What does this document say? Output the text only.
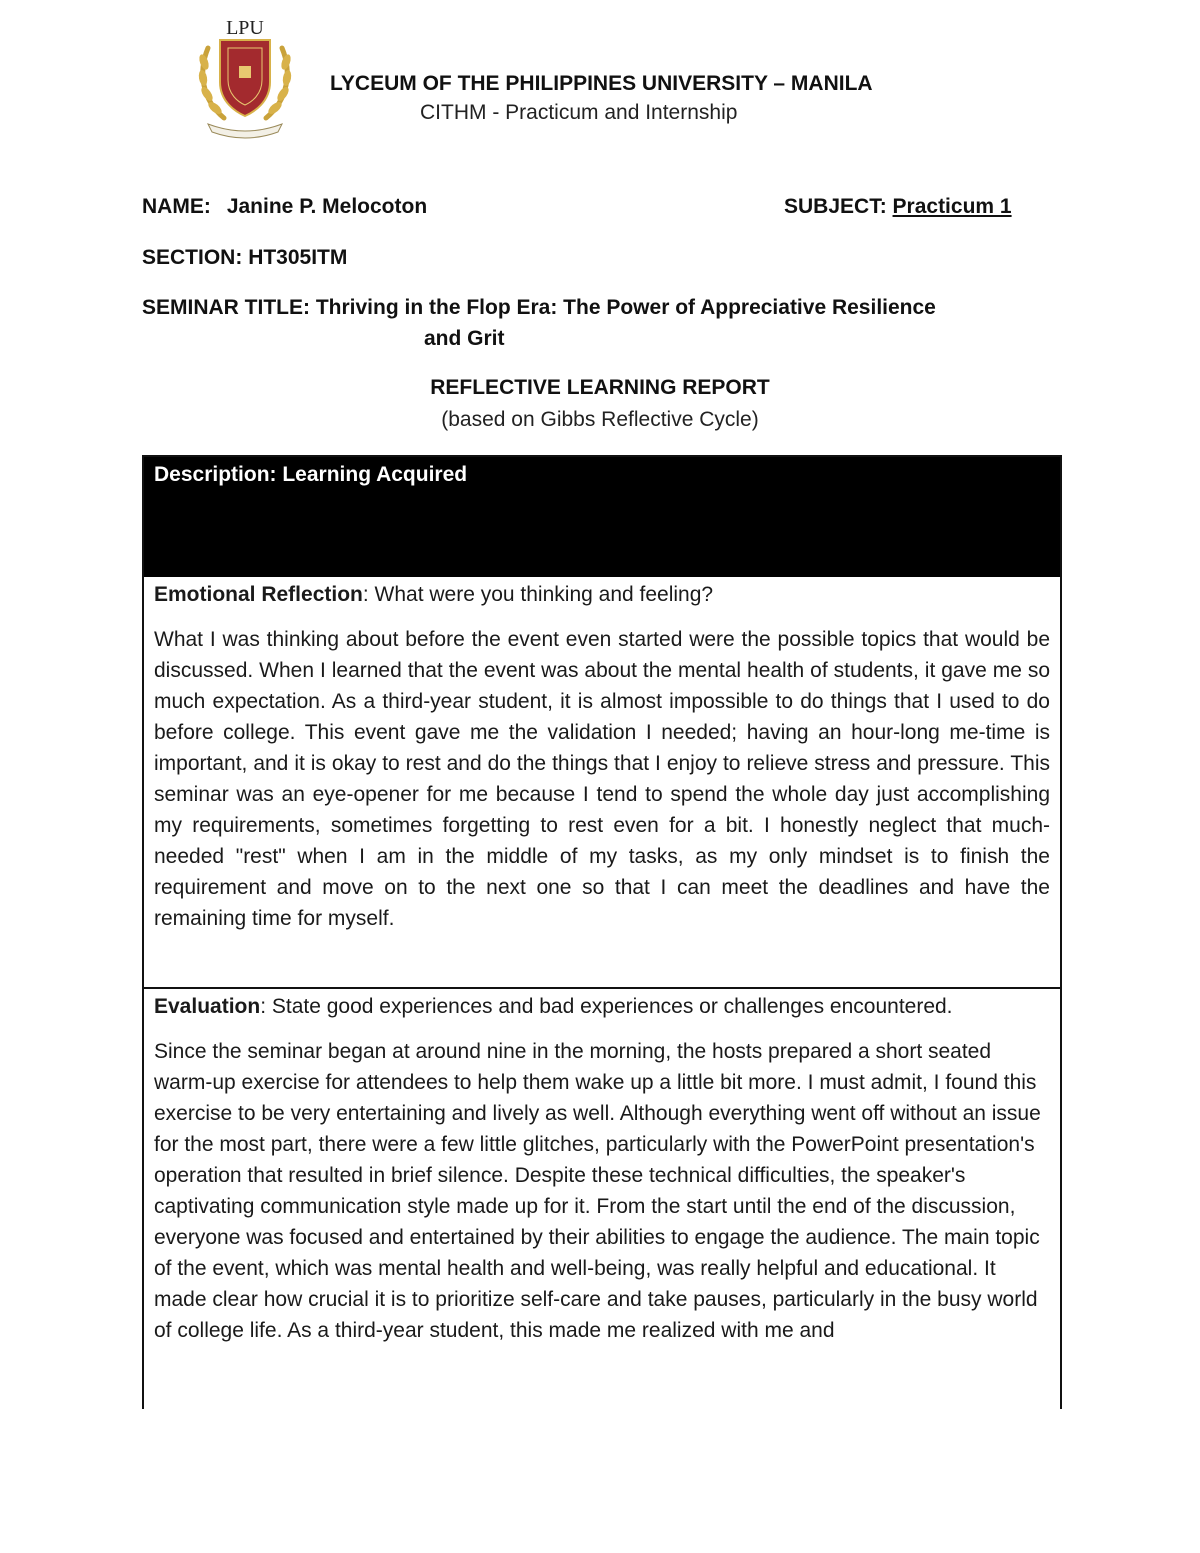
LPU
LYCEUM OF THE PHILIPPINES UNIVERSITY – MANILA
CITHM - Practicum and Internship
NAME: Janine P. Melocoton	SUBJECT: Practicum 1
SECTION: HT305ITM
SEMINAR TITLE: Thriving in the Flop Era: The Power of Appreciative Resilience
and Grit
REFLECTIVE LEARNING REPORT
(based on Gibbs Reflective Cycle)
Description: Learning Acquired

Emotional Reflection: What were you thinking and feeling?

What I was thinking about before the event even started were the possible topics that would be discussed. When I learned that the event was about the mental health of students, it gave me so much expectation. As a third-year student, it is almost impossible to do things that I used to do before college. This event gave me the validation I needed; having an hour-long me-time is important, and it is okay to rest and do the things that I enjoy to relieve stress and pressure. This seminar was an eye-opener for me because I tend to spend the whole day just accomplishing my requirements, sometimes forgetting to rest even for a bit. I honestly neglect that much-needed "rest" when I am in the middle of my tasks, as my only mindset is to finish the requirement and move on to the next one so that I can meet the deadlines and have the remaining time for myself.

Evaluation: State good experiences and bad experiences or challenges encountered.

Since the seminar began at around nine in the morning, the hosts prepared a short seated warm-up exercise for attendees to help them wake up a little bit more. I must admit, I found this exercise to be very entertaining and lively as well. Although everything went off without an issue for the most part, there were a few little glitches, particularly with the PowerPoint presentation's operation that resulted in brief silence. Despite these technical difficulties, the speaker's captivating communication style made up for it. From the start until the end of the discussion, everyone was focused and entertained by their abilities to engage the audience. The main topic of the event, which was mental health and well-being, was really helpful and educational. It made clear how crucial it is to prioritize self-care and take pauses, particularly in the busy world of college life. As a third-year student, this made me realized with me and
